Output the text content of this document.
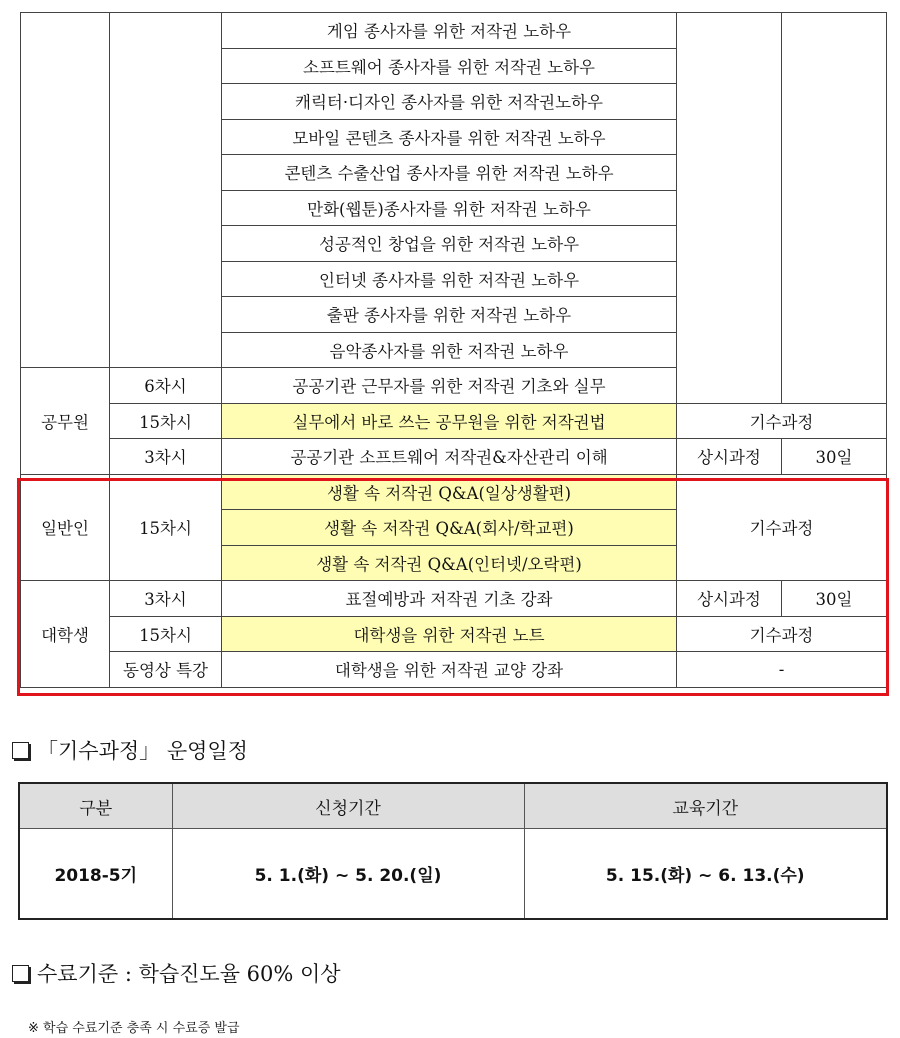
		게임 종사자를 위한 저작권 노하우		
		소프트웨어 종사자를 위한 저작권 노하우		
		캐릭터·디자인 종사자를 위한 저작권노하우		
		모바일 콘텐츠 종사자를 위한 저작권 노하우		
		콘텐츠 수출산업 종사자를 위한 저작권 노하우		
		만화(웹툰)종사자를 위한 저작권 노하우		
		성공적인 창업을 위한 저작권 노하우		
		인터넷 종사자를 위한 저작권 노하우		
		출판 종사자를 위한 저작권 노하우		
		음악종사자를 위한 저작권 노하우		
공무원	6차시	공공기관 근무자를 위한 저작권 기초와 실무		
	15차시	실무에서 바로 쓰는 공무원을 위한 저작권법	기수과정	
	3차시	공공기관 소프트웨어 저작권&자산관리 이해	상시과정	30일
일반인	15차시	생활 속 저작권 Q&A(일상생활편)	기수과정	
		생활 속 저작권 Q&A(회사/학교편)		
		생활 속 저작권 Q&A(인터넷/오락편)		
대학생	3차시	표절예방과 저작권 기초 강좌	상시과정	30일
	15차시	대학생을 위한 저작권 노트	기수과정	
	동영상 특강	대학생을 위한 저작권 교양 강좌	-	
「기수과정」 운영일정
구분	신청기간	교육기간
2018-5기	5. 1.(화) ~ 5. 20.(일)	5. 15.(화) ~ 6. 13.(수)
수료기준 : 학습진도율 60% 이상
※ 학습 수료기준 충족 시 수료증 발급
